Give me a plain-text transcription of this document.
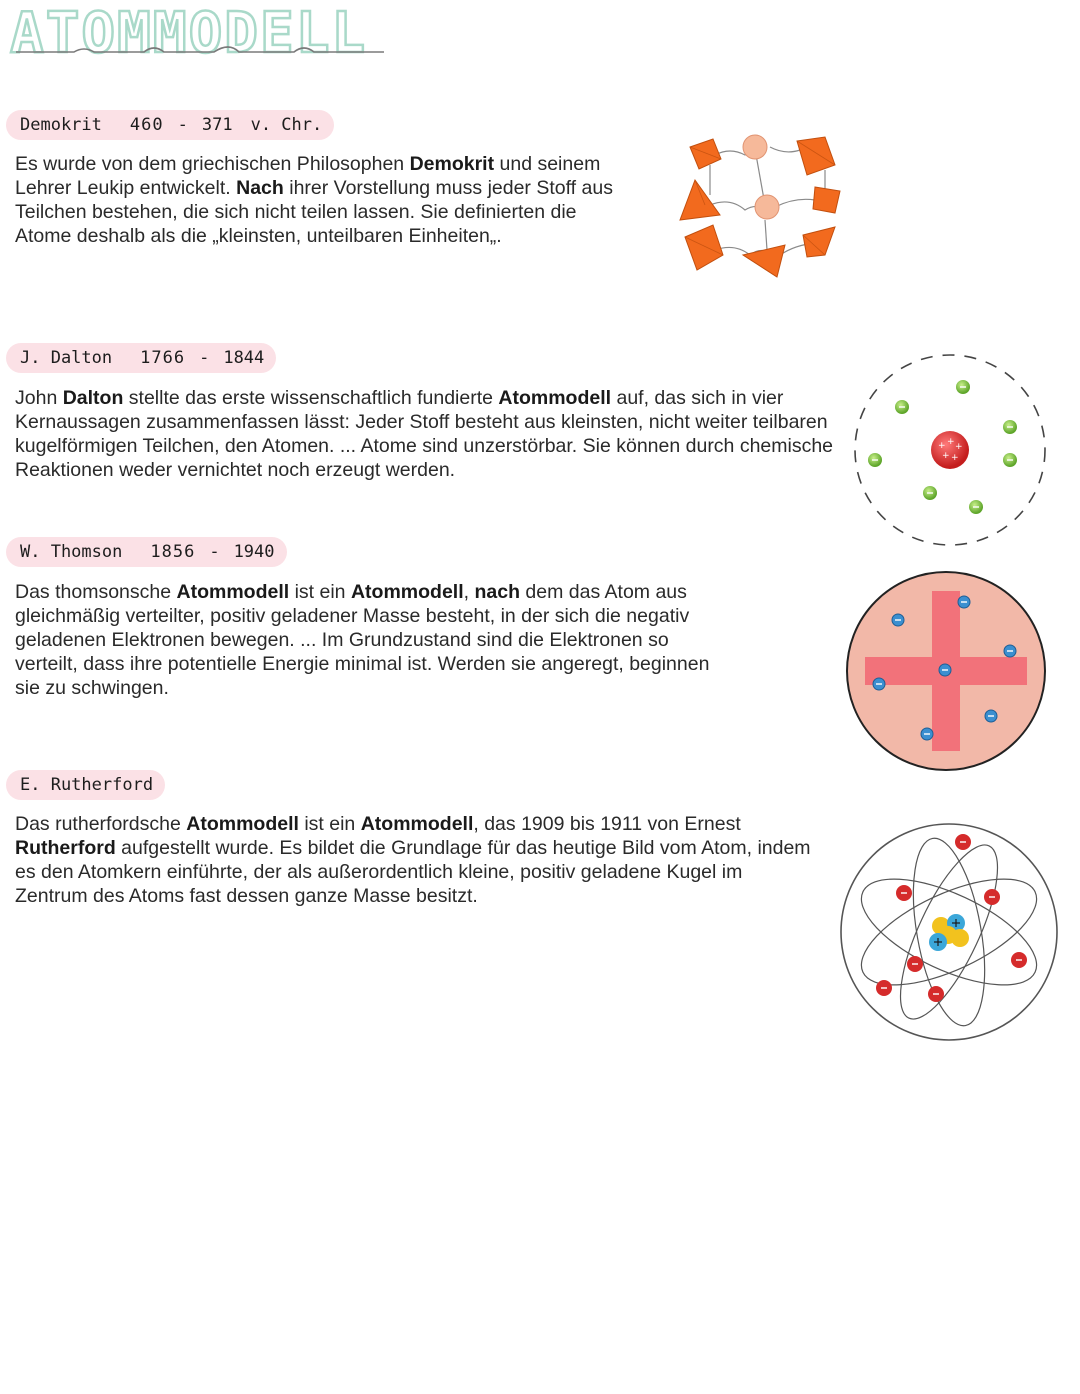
ATOMMODELL
Demokrit 460 - 371 v. Chr.

Es wurde von dem griechischen Philosophen Demokrit und seinem Lehrer Leukip entwickelt. Nach ihrer Vorstellung muss jeder Stoff aus Teilchen bestehen, die sich nicht teilen lassen. Sie definierten die Atome deshalb als die „kleinsten, unteilbaren Einheiten„.

J. Dalton 1766 - 1844

John Dalton stellte das erste wissenschaftlich fundierte Atommodell auf, das sich in vier Kernaussagen zusammenfassen lässt: Jeder Stoff besteht aus kleinsten, nicht weiter teilbaren kugelförmigen Teilchen, den Atomen. ... Atome sind unzerstörbar. Sie können durch chemische Reaktionen weder vernichtet noch erzeugt werden.

+ + +
+ +
W. Thomson 1856 - 1940

Das thomsonsche Atommodell ist ein Atommodell, nach dem das Atom aus gleichmäßig verteilter, positiv geladener Masse besteht, in der sich die negativ geladenen Elektronen bewegen. ... Im Grundzustand sind die Elektronen so verteilt, dass ihre potentielle Energie minimal ist. Werden sie angeregt, beginnen sie zu schwingen.

E. Rutherford

Das rutherfordsche Atommodell ist ein Atommodell, das 1909 bis 1911 von Ernest Rutherford aufgestellt wurde. Es bildet die Grundlage für das heutige Bild vom Atom, indem es den Atomkern einführte, der als außerordentlich kleine, positiv geladene Kugel im Zentrum des Atoms fast dessen ganze Masse besitzt.
